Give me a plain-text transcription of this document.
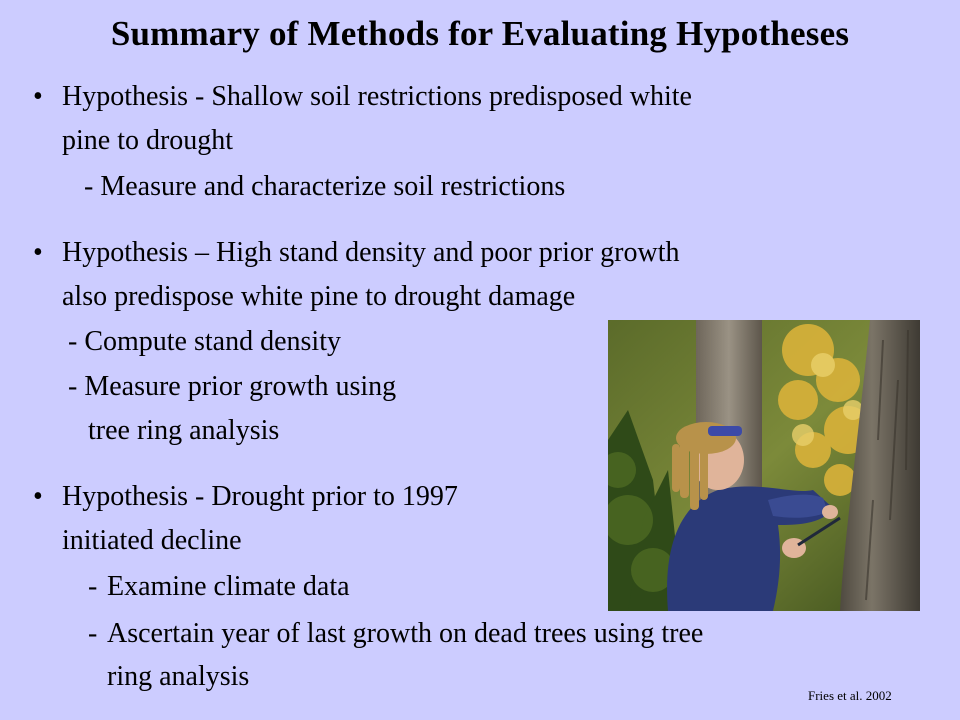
Summary of Methods for Evaluating Hypotheses
• Hypothesis - Shallow soil restrictions predisposed white
pine to drought
- Measure and characterize soil restrictions
• Hypothesis – High stand density and poor prior growth
also predispose white pine to drought damage
- Compute stand density
- Measure prior growth using
tree ring analysis
• Hypothesis - Drought prior to 1997
initiated decline
- Examine climate data
- Ascertain year of last growth on dead trees using tree
ring analysis
Fries et al. 2002
